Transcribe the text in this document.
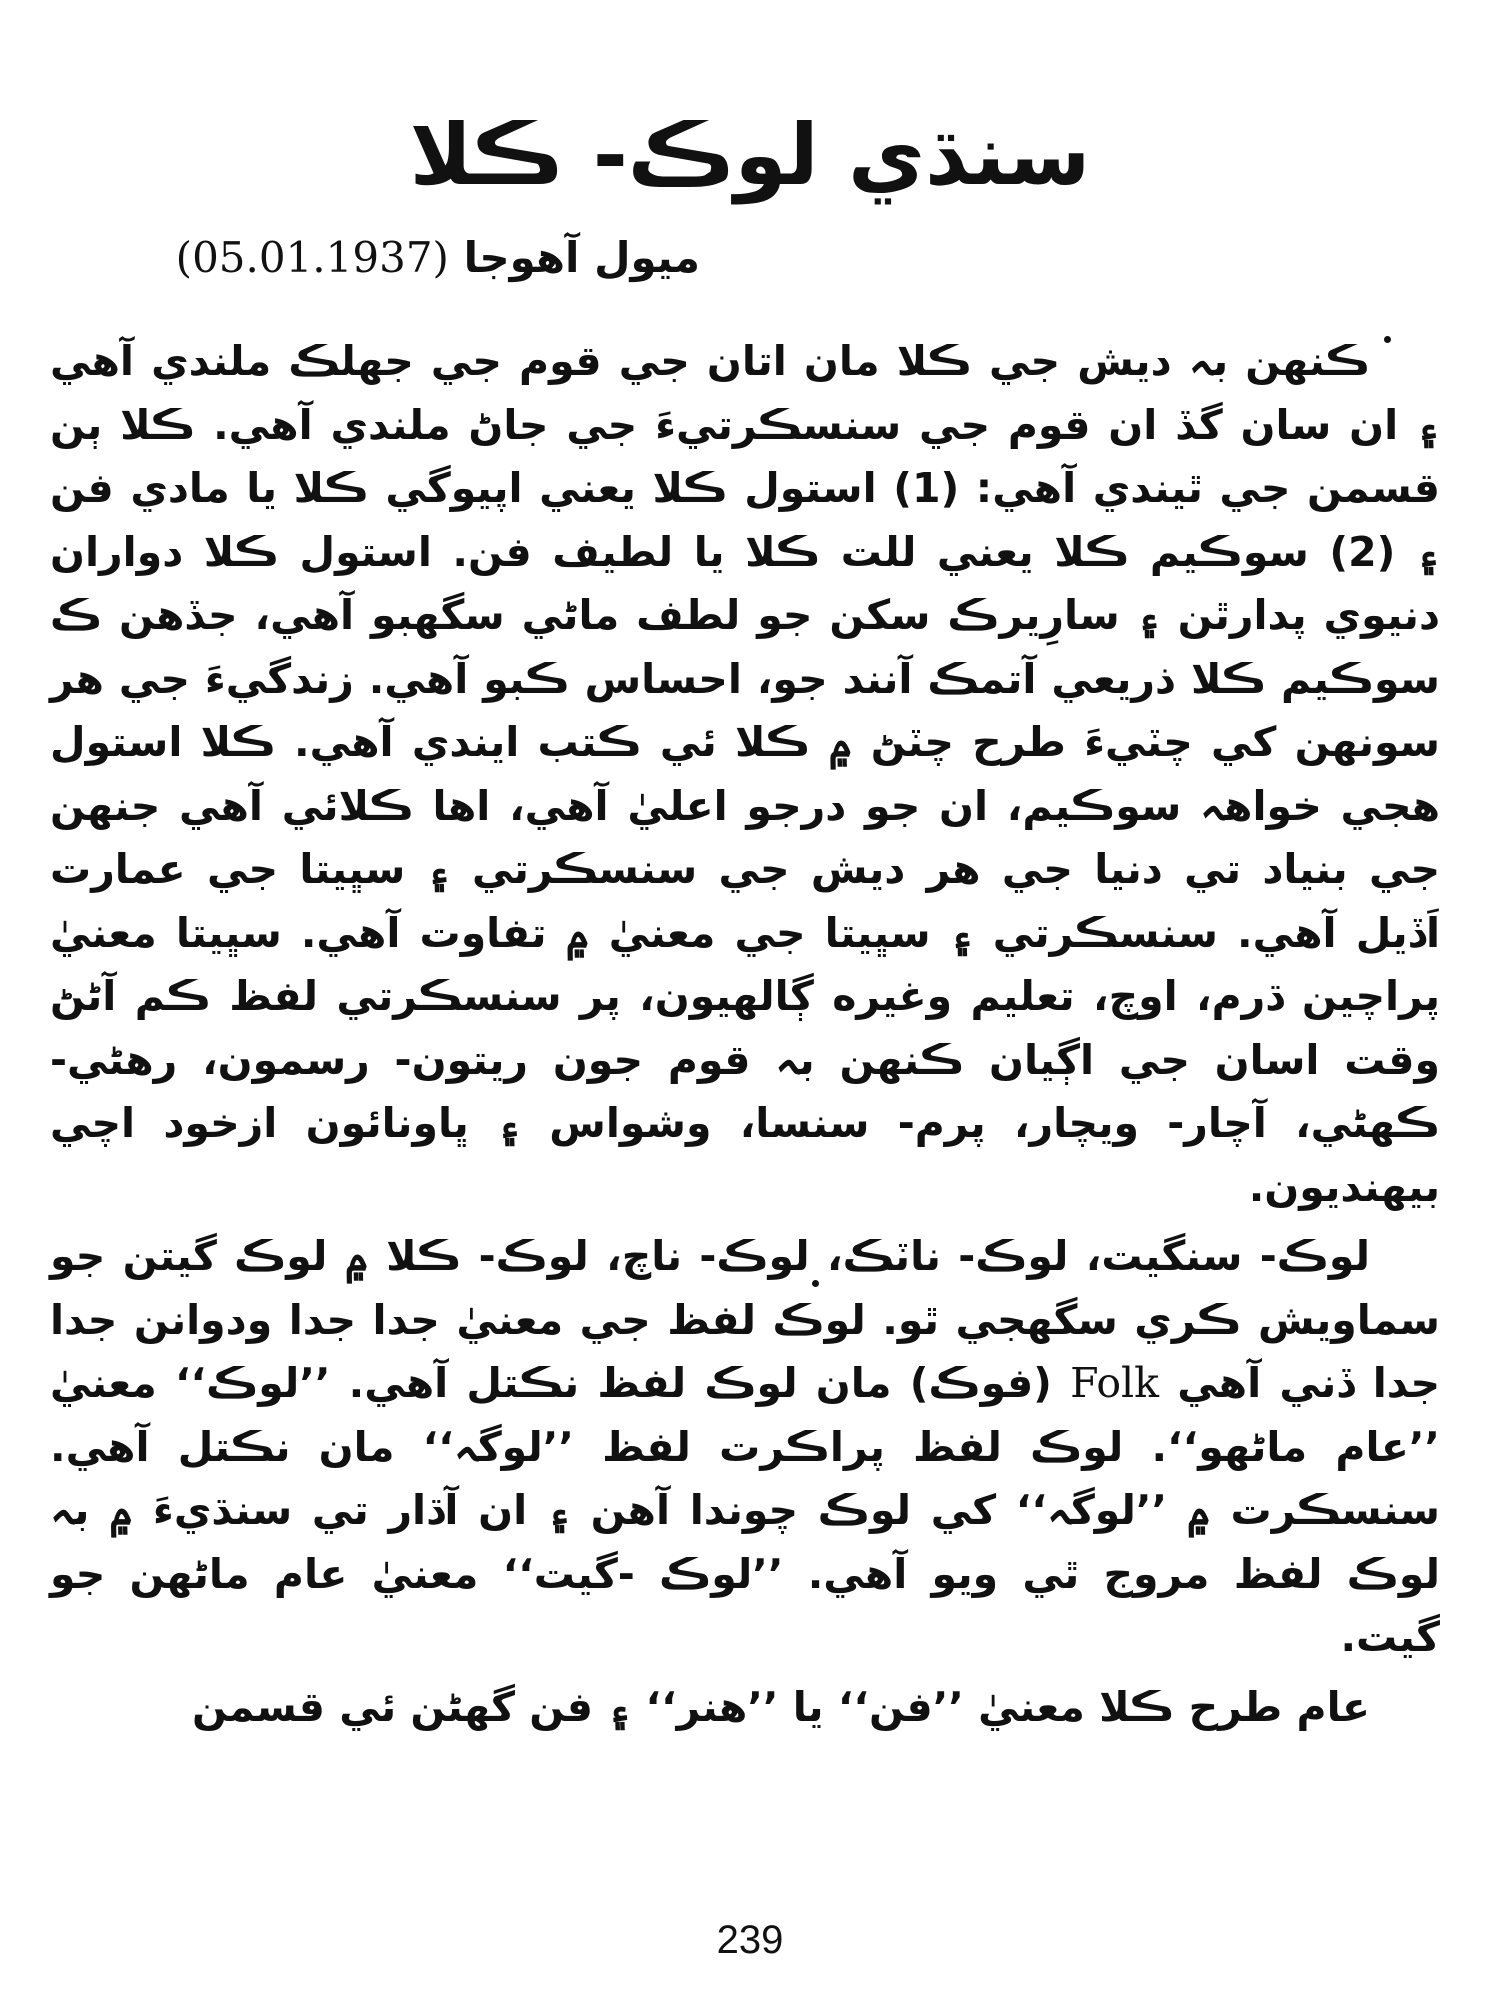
سنڌي لوڪ- ڪلا
ميول آهوجا (05.01.1937)

ڪنهن بہ ديش جي ڪلا مان اتان جي قوم جي جهلڪ ملندي آهي ۽ ان سان گڏ ان قوم جي سنسڪرتيءَ جي جاڻ ملندي آهي. ڪلا ٻن قسمن جي ٿيندي آهي: (1) استول ڪلا يعني اپيوگي ڪلا يا مادي فن ۽ (2) سوڪيم ڪلا يعني للت ڪلا يا لطيف فن. استول ڪلا دواران دنيوي پدارٿن ۽ سارِيرڪ سکن جو لطف ماڻي سگهبو آهي، جڏهن ڪ سوڪيم ڪلا ذريعي آتمڪ آنند جو، احساس ڪبو آهي. زندگيءَ جي هر سونهن کي چٽيءَ طرح چٽڻ ۾ ڪلا ئي ڪتب ايندي آهي. ڪلا استول هجي خواهہ سوڪيم، ان جو درجو اعليٰ آهي، اها ڪلائي آهي جنهن جي بنياد تي دنيا جي هر ديش جي سنسڪرتي ۽ سڀيتا جي عمارت اَڏيل آهي. سنسڪرتي ۽ سڀيتا جي معنيٰ ۾ تفاوت آهي. سڀيتا معنيٰ پراچين ڌرم، اوچ، تعليم وغيره ڳالهيون، پر سنسڪرتي لفظ ڪم آڻڻ وقت اسان جي اڳيان ڪنهن بہ قوم جون ريتون- رسمون، رهڻي- ڪهڻي، آچار- ويچار، پرم- سنسا، وشواس ۽ ڀاونائون ازخود اچي بيهنديون.

لوڪ- سنگيت، لوڪ- ناٽڪ، لوڪ- ناچ، لوڪ- ڪلا ۾ لوڪ گيتن جو سماويش ڪري سگهجي ٿو. لوڪ لفظ جي معنيٰ جدا جدا ودوانن جدا جدا ڏني آهي Folk (فوڪ) مان لوڪ لفظ نڪتل آهي. ’’لوڪ‘‘ معنيٰ ’’عام ماڻهو‘‘. لوڪ لفظ پراڪرت لفظ ’’لوگہ‘‘ مان نڪتل آهي. سنسڪرت ۾ ’’لوگہ‘‘ کي لوڪ چوندا آهن ۽ ان آڌار تي سنڌيءَ ۾ بہ لوڪ لفظ مروج ٿي ويو آهي. ’’لوڪ -گيت‘‘ معنيٰ عام ماڻهن جو گيت.

عام طرح ڪلا معنيٰ ’’فن‘‘ يا ’’هنر‘‘ ۽ فن گهڻن ئي قسمن

239
